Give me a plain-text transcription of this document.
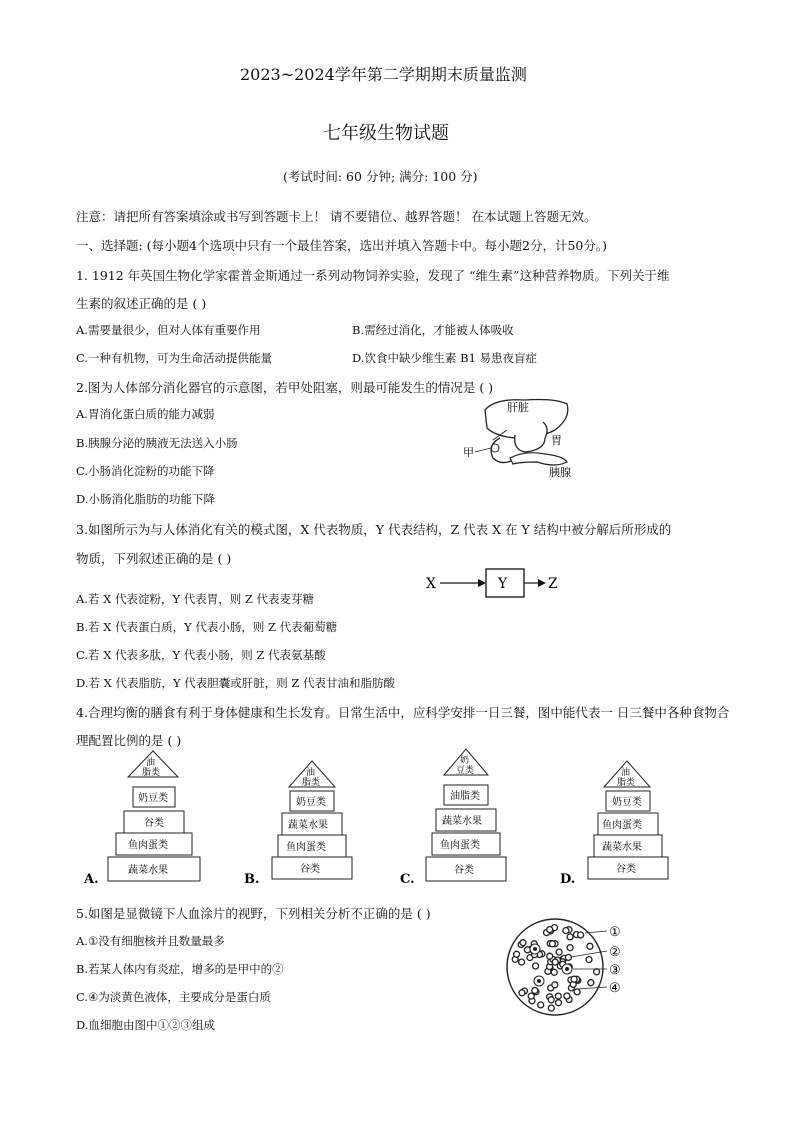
2023~2024学年第二学期期末质量监测
七年级生物试题
(考试时间: 60 分钟; 满分: 100 分)
注意：请把所有答案填涂或书写到答题卡上！ 请不要错位、越界答题！ 在本试题上答题无效。
一、选择题: (每小题4个选项中只有一个最佳答案，选出并填入答题卡中。每小题2分，计50分。)
1. 1912 年英国生物化学家霍普金斯通过一系列动物饲养实验，发现了 “维生素”这种营养物质。下列关于维
生素的叙述正确的是 ( )
A.需要量很少，但对人体有重要作用	B.需经过消化，才能被人体吸收
C.一种有机物，可为生命活动提供能量	D.饮食中缺少维生素 B1 易患夜盲症
2.图为人体部分消化器官的示意图，若甲处阻塞，则最可能发生的情况是 ( )
A.胃消化蛋白质的能力减弱
B.胰腺分泌的胰液无法送入小肠
C.小肠消化淀粉的功能下降
D.小肠消化脂肪的功能下降
肝脏
胃
甲
胰腺
3.如图所示为与人体消化有关的模式图，X 代表物质，Y 代表结构，Z 代表 X 在 Y 结构中被分解后所形成的
物质，下列叙述正确的是 ( )
X	Y	Z
A.若 X 代表淀粉，Y 代表胃，则 Z 代表麦芽糖
B.若 X 代表蛋白质，Y 代表小肠，则 Z 代表葡萄糖
C.若 X 代表多肽，Y 代表小肠，则 Z 代表氨基酸
D.若 X 代表脂肪，Y 代表胆囊或肝脏，则 Z 代表甘油和脂肪酸
4.合理均衡的膳食有利于身体健康和生长发育。日常生活中，应科学安排一日三餐，图中能代表一 日三餐中各种食物合
理配置比例的是 ( )
油
脂类
奶豆类
谷类
鱼肉蛋类
蔬菜水果
A.
油
脂类
奶豆类
蔬菜水果
鱼肉蛋类
谷类
B.
奶
豆类
油脂类
蔬菜水果
鱼肉蛋类
谷类
C.
油
脂类
奶豆类
鱼肉蛋类
蔬菜水果
谷类
D.
5.如图是显微镜下人血涂片的视野，下列相关分析不正确的是 ( )
A.①没有细胞核并且数量最多
B.若某人体内有炎症，增多的是甲中的②
C.④为淡黄色液体，主要成分是蛋白质
D.血细胞由图中①②③组成
①
②
③
④
